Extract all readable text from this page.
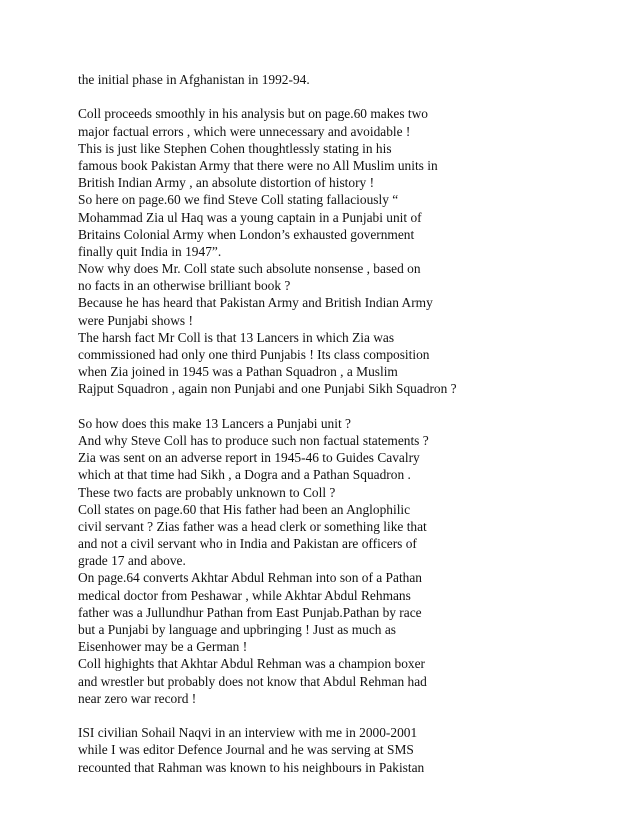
the initial phase in Afghanistan in 1992-94.
Coll proceeds smoothly in his analysis but on page.60 makes two
major factual errors , which were unnecessary and avoidable !
This is just like Stephen Cohen thoughtlessly stating in his
famous book Pakistan Army that there were no All Muslim units in
British Indian Army , an absolute distortion of history !
So here on page.60 we find Steve Coll stating fallaciously “
Mohammad Zia ul Haq was a young captain in a Punjabi unit of
Britains Colonial Army when London’s exhausted government
finally quit India in 1947”.
Now why does Mr. Coll state such absolute nonsense , based on
no facts in an otherwise brilliant book ?
Because he has heard that Pakistan Army and British Indian Army
were Punjabi shows !
The harsh fact Mr Coll is that 13 Lancers in which Zia was
commissioned had only one third Punjabis ! Its class composition
when Zia joined in 1945 was a Pathan Squadron , a Muslim
Rajput Squadron , again non Punjabi and one Punjabi Sikh Squadron ?
So how does this make 13 Lancers a Punjabi unit ?
And why Steve Coll has to produce such non factual statements ?
Zia was sent on an adverse report in 1945-46 to Guides Cavalry
which at that time had Sikh , a Dogra and a Pathan Squadron .
These two facts are probably unknown to Coll ?
Coll states on page.60 that His father had been an Anglophilic
civil servant ? Zias father was a head clerk or something like that
and not a civil servant who in India and Pakistan are officers of
grade 17 and above.
On page.64 converts Akhtar Abdul Rehman into son of a Pathan
medical doctor from Peshawar , while Akhtar Abdul Rehmans
father was a Jullundhur Pathan from East Punjab.Pathan by race
but a Punjabi by language and upbringing ! Just as much as
Eisenhower may be a German !
Coll highights that Akhtar Abdul Rehman was a champion boxer
and wrestler but probably does not know that Abdul Rehman had
near zero war record !
ISI civilian Sohail Naqvi in an interview with me in 2000-2001
while I was editor Defence Journal and he was serving at SMS
recounted that Rahman was known to his neighbours in Pakistan
